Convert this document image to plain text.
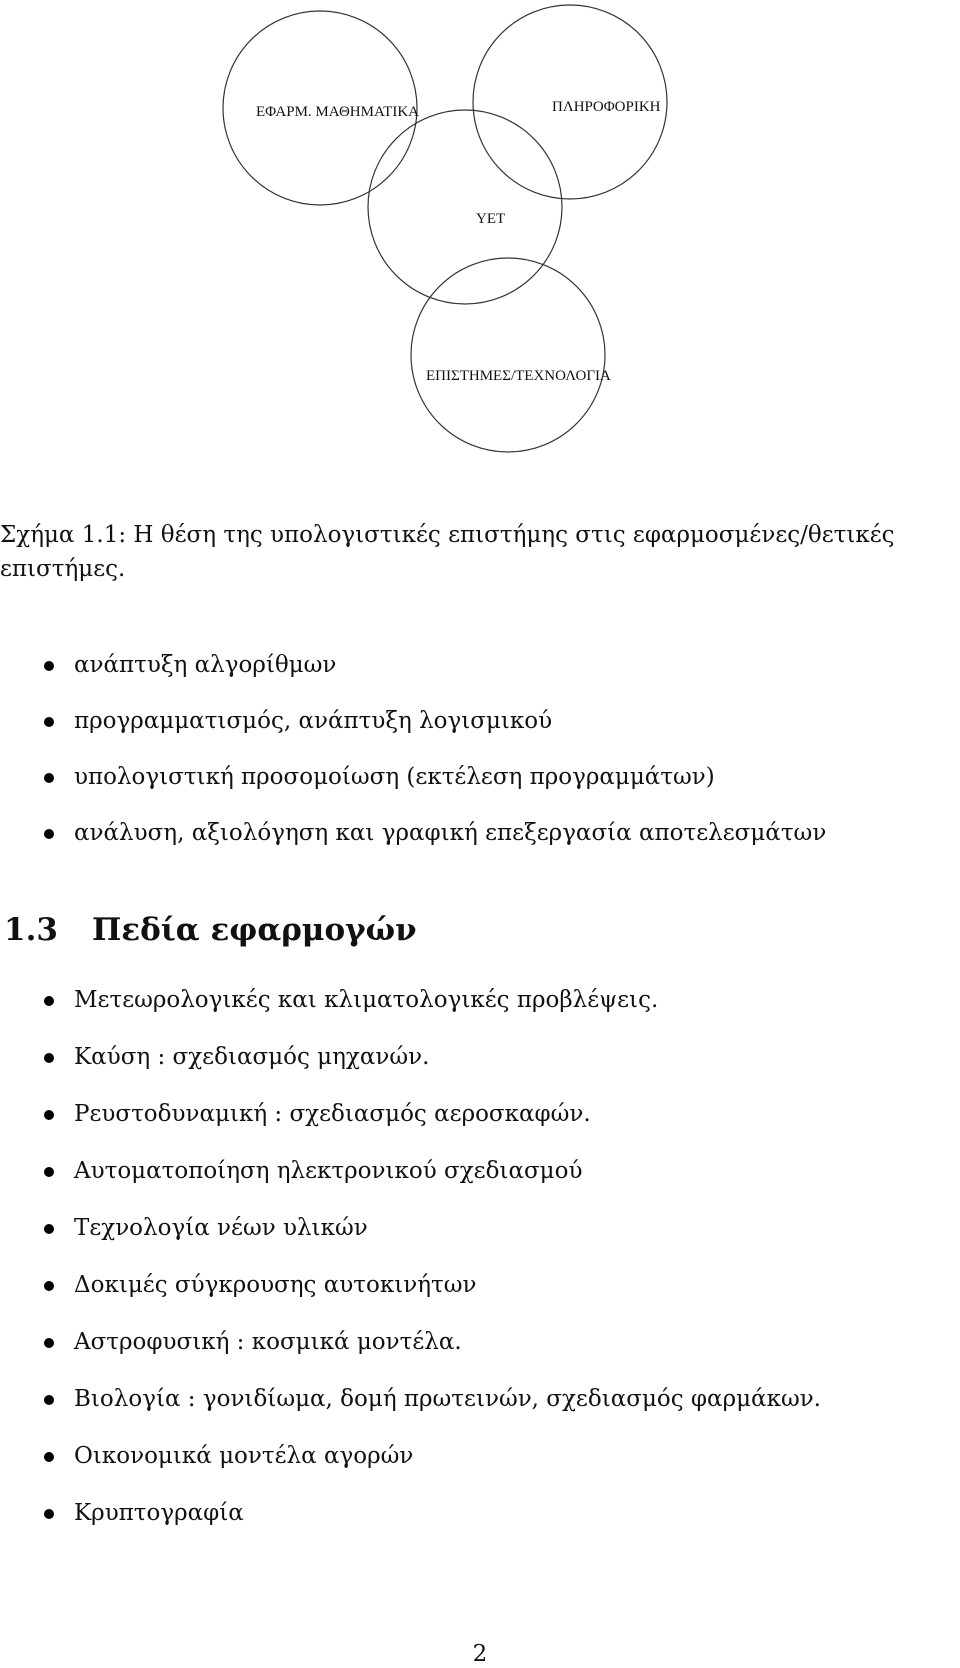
ΕΦΑΡΜ. ΜΑΘΗΜΑΤΙΚΑ	ΠΛΗΡΟΦΟΡΙΚΗ
ΥΕΤ
ΕΠΙΣΤΗΜΕΣ/ΤΕΧΝΟΛΟΓΙΑ

Σχήμα 1.1: Η θέση της υπολογιστικές επιστήμης στις εφαρμοσμένες/θετικές επιστήμες.

ανάπτυξη αλγορίθμων
προγραμματισμός, ανάπτυξη λογισμικού
υπολογιστική προσομοίωση (εκτέλεση προγραμμάτων)
ανάλυση, αξιολόγηση και γραφική επεξεργασία αποτελεσμάτων
1.3 Πεδία εφαρμογών
Μετεωρολογικές και κλιματολογικές προβλέψεις.
Καύση : σχεδιασμός μηχανών.
Ρευστοδυναμική : σχεδιασμός αεροσκαφών.
Αυτοματοποίηση ηλεκτρονικού σχεδιασμού
Τεχνολογία νέων υλικών
Δοκιμές σύγκρουσης αυτοκινήτων
Αστροφυσική : κοσμικά μοντέλα.
Βιολογία : γονιδίωμα, δομή πρωτεινών, σχεδιασμός φαρμάκων.
Οικονομικά μοντέλα αγορών
Κρυπτογραφία
2
